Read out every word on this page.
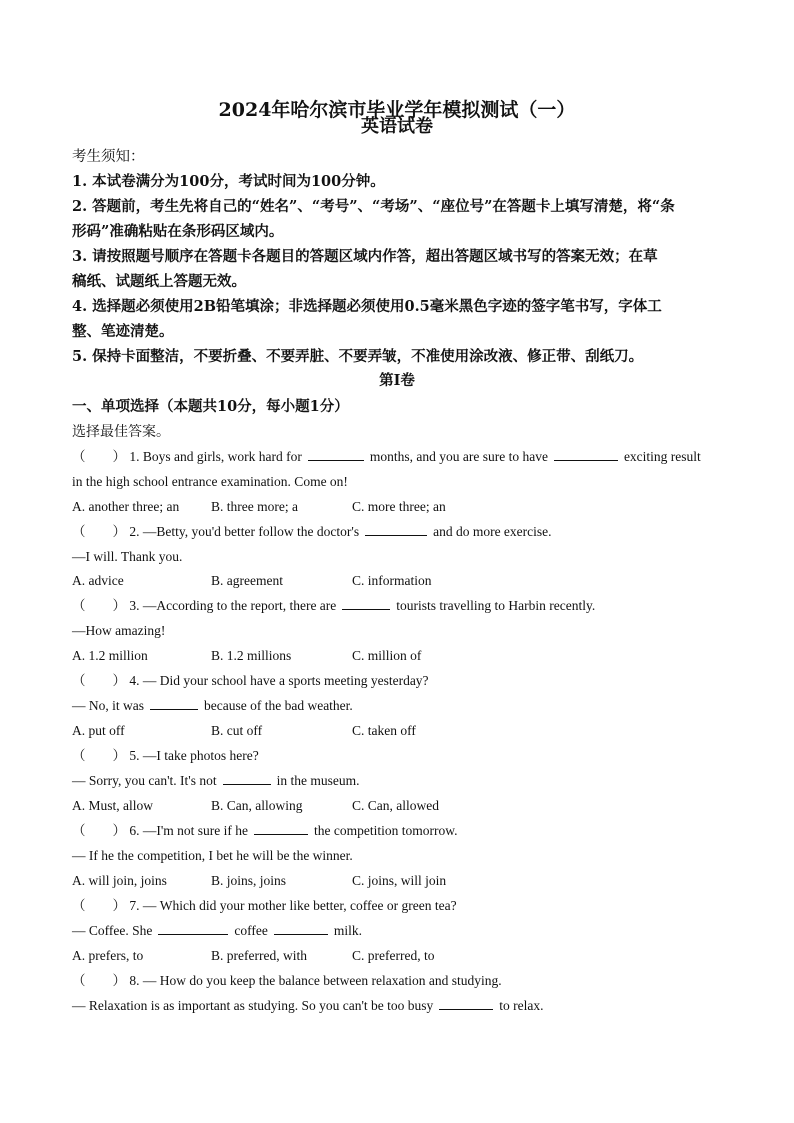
2024年哈尔滨市毕业学年模拟测试（一）
英语试卷
考生须知：
1. 本试卷满分为100分，考试时间为100分钟。
2. 答题前，考生先将自己的“姓名”、“考号”、“考场”、“座位号”在答题卡上填写清楚，将“条
形码”准确粘贴在条形码区域内。
3. 请按照题号顺序在答题卡各题目的答题区域内作答，超出答题区域书写的答案无效；在草
稿纸、试题纸上答题无效。
4. 选择题必须使用2B铅笔填涂；非选择题必须使用0.5毫米黑色字迹的签字笔书写，字体工
整、笔迹清楚。
5. 保持卡面整洁，不要折叠、不要弄脏、不要弄皱，不准使用涂改液、修正带、刮纸刀。
第Ⅰ卷
一、单项选择（本题共10分，每小题1分）
选择最佳答案。
（　　） 1. Boys and girls, work hard for	months, and you are sure to have	exciting result
in the high school entrance examination. Come on!
A. another three; an B. three more; a	C. more three; an
（　　） 2. —Betty, you'd better follow the doctor's	and do more exercise.
—I will. Thank you.
A. advice	B. agreement	C. information
（　　） 3. —According to the report, there are	tourists travelling to Harbin recently.
—How amazing!
A. 1.2 million	B. 1.2 millions	C. million of
（　　） 4. — Did your school have a sports meeting yesterday?
— No, it was	because of the bad weather.
A. put off	B. cut off	C. taken off
（　　） 5. —I take photos here?
— Sorry, you can't. It's not	in the museum.
A. Must, allow	B. Can, allowing	C. Can, allowed
（　　） 6. —I'm not sure if he	the competition tomorrow.
— If he the competition, I bet he will be the winner.
A. will join, joins	B. joins, joins	C. joins, will join
（　　） 7. — Which did your mother like better, coffee or green tea?
— Coffee. She	coffee	milk.
A. prefers, to	B. preferred, with	C. preferred, to
（　　） 8. — How do you keep the balance between relaxation and studying.
— Relaxation is as important as studying. So you can't be too busy	to relax.
